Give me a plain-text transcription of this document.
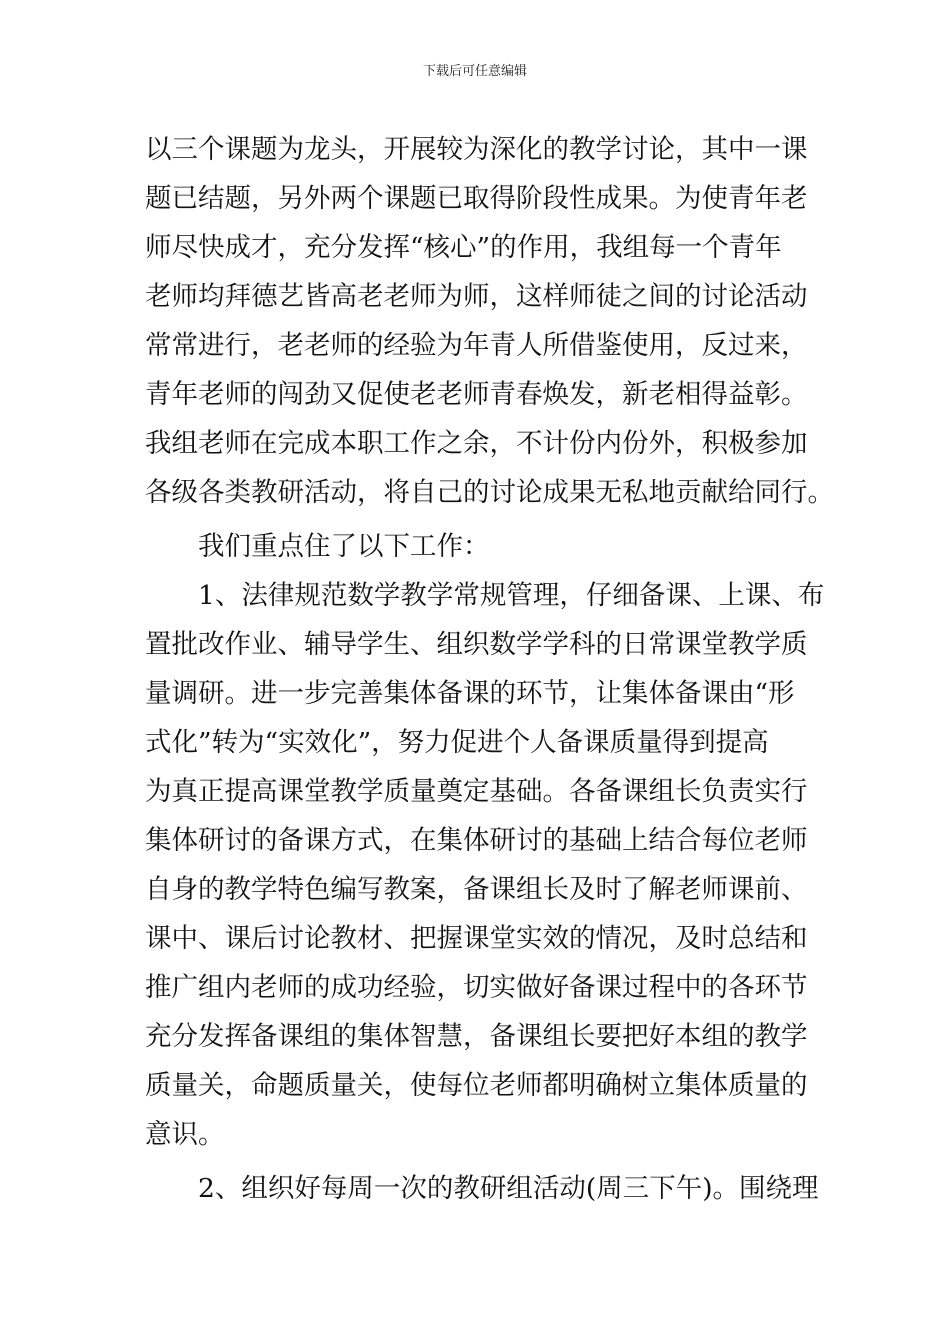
下载后可任意编辑
以三个课题为龙头，开展较为深化的教学讨论，其中一课
题已结题，另外两个课题已取得阶段性成果。为使青年老
师尽快成才，充分发挥“核心”的作用，我组每一个青年
老师均拜德艺皆高老老师为师，这样师徒之间的讨论活动
常常进行，老老师的经验为年青人所借鉴使用，反过来，
青年老师的闯劲又促使老老师青春焕发，新老相得益彰。
我组老师在完成本职工作之余，不计份内份外，积极参加
各级各类教研活动，将自己的讨论成果无私地贡献给同行。
我们重点住了以下工作：
1、法律规范数学教学常规管理，仔细备课、上课、布
置批改作业、辅导学生、组织数学学科的日常课堂教学质
量调研。进一步完善集体备课的环节，让集体备课由“形
式化”转为“实效化”，努力促进个人备课质量得到提高
为真正提高课堂教学质量奠定基础。各备课组长负责实行
集体研讨的备课方式，在集体研讨的基础上结合每位老师
自身的教学特色编写教案，备课组长及时了解老师课前、
课中、课后讨论教材、把握课堂实效的情况，及时总结和
推广组内老师的成功经验，切实做好备课过程中的各环节
充分发挥备课组的集体智慧，备课组长要把好本组的教学
质量关，命题质量关，使每位老师都明确树立集体质量的
意识。
2、组织好每周一次的教研组活动(周三下午)。围绕理
